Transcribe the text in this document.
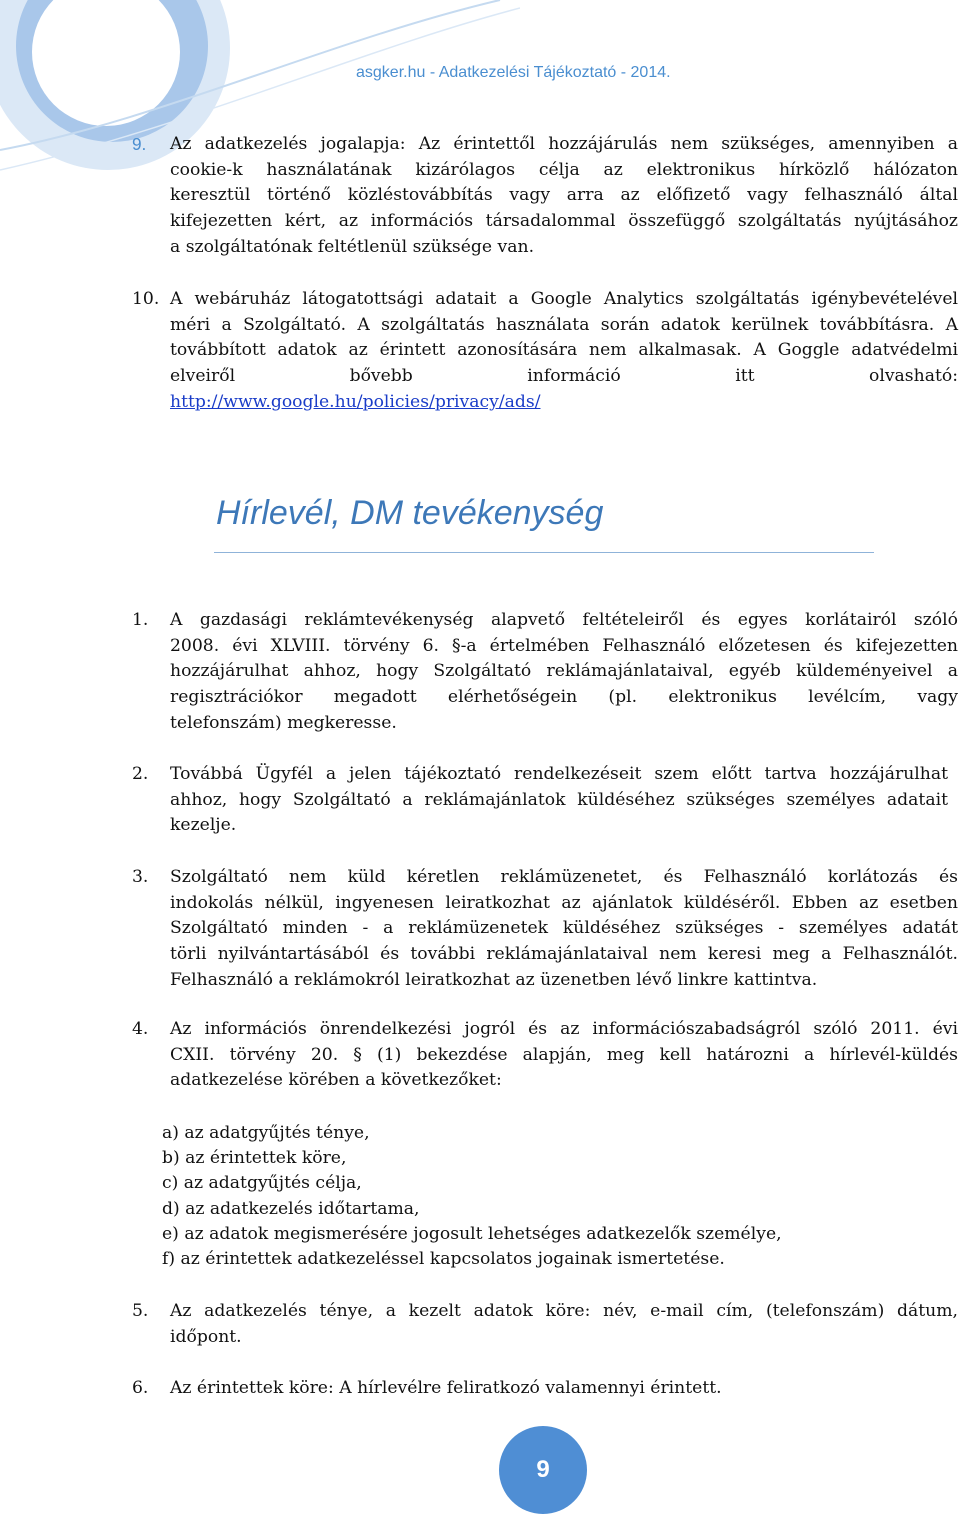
asgker.hu - Adatkezelési Tájékoztató - 2014.
9. Az adatkezelés jogalapja: Az érintettől hozzájárulás nem szükséges, amennyiben a
cookie-k használatának kizárólagos célja az elektronikus hírközlő hálózaton
keresztül történő közléstovábbítás vagy arra az előfizető vagy felhasználó által
kifejezetten kért, az információs társadalommal összefüggő szolgáltatás nyújtásához
a szolgáltatónak feltétlenül szüksége van.
10. A webáruház látogatottsági adatait a Google Analytics szolgáltatás igénybevételével
méri a Szolgáltató. A szolgáltatás használata során adatok kerülnek továbbításra. A
továbbított adatok az érintett azonosítására nem alkalmasak. A Goggle adatvédelmi
elveiről	bővebb	információ	itt	olvasható:
http://www.google.hu/policies/privacy/ads/
Hírlevél, DM tevékenység
1. A gazdasági reklámtevékenység alapvető feltételeiről és egyes korlátairól szóló
2008. évi XLVIII. törvény 6. §-a értelmében Felhasználó előzetesen és kifejezetten
hozzájárulhat ahhoz, hogy Szolgáltató reklámajánlataival, egyéb küldeményeivel a
regisztrációkor megadott elérhetőségein (pl. elektronikus levélcím, vagy
telefonszám) megkeresse.
2. Továbbá Ügyfél a jelen tájékoztató rendelkezéseit szem előtt tartva hozzájárulhat
ahhoz, hogy Szolgáltató a reklámajánlatok küldéséhez szükséges személyes adatait
kezelje.
3. Szolgáltató nem küld kéretlen reklámüzenetet, és Felhasználó korlátozás és
indokolás nélkül, ingyenesen leiratkozhat az ajánlatok küldéséről. Ebben az esetben
Szolgáltató minden - a reklámüzenetek küldéséhez szükséges - személyes adatát
törli nyilvántartásából és további reklámajánlataival nem keresi meg a Felhasználót.
Felhasználó a reklámokról leiratkozhat az üzenetben lévő linkre kattintva.
4. Az információs önrendelkezési jogról és az információszabadságról szóló 2011. évi
CXII. törvény 20. § (1) bekezdése alapján, meg kell határozni a hírlevél-küldés
adatkezelése körében a következőket:
a) az adatgyűjtés ténye,
b) az érintettek köre,
c) az adatgyűjtés célja,
d) az adatkezelés időtartama,
e) az adatok megismerésére jogosult lehetséges adatkezelők személye,
f) az érintettek adatkezeléssel kapcsolatos jogainak ismertetése.
5. Az adatkezelés ténye, a kezelt adatok köre: név, e-mail cím, (telefonszám) dátum,
időpont.
6. Az érintettek köre: A hírlevélre feliratkozó valamennyi érintett.
9
